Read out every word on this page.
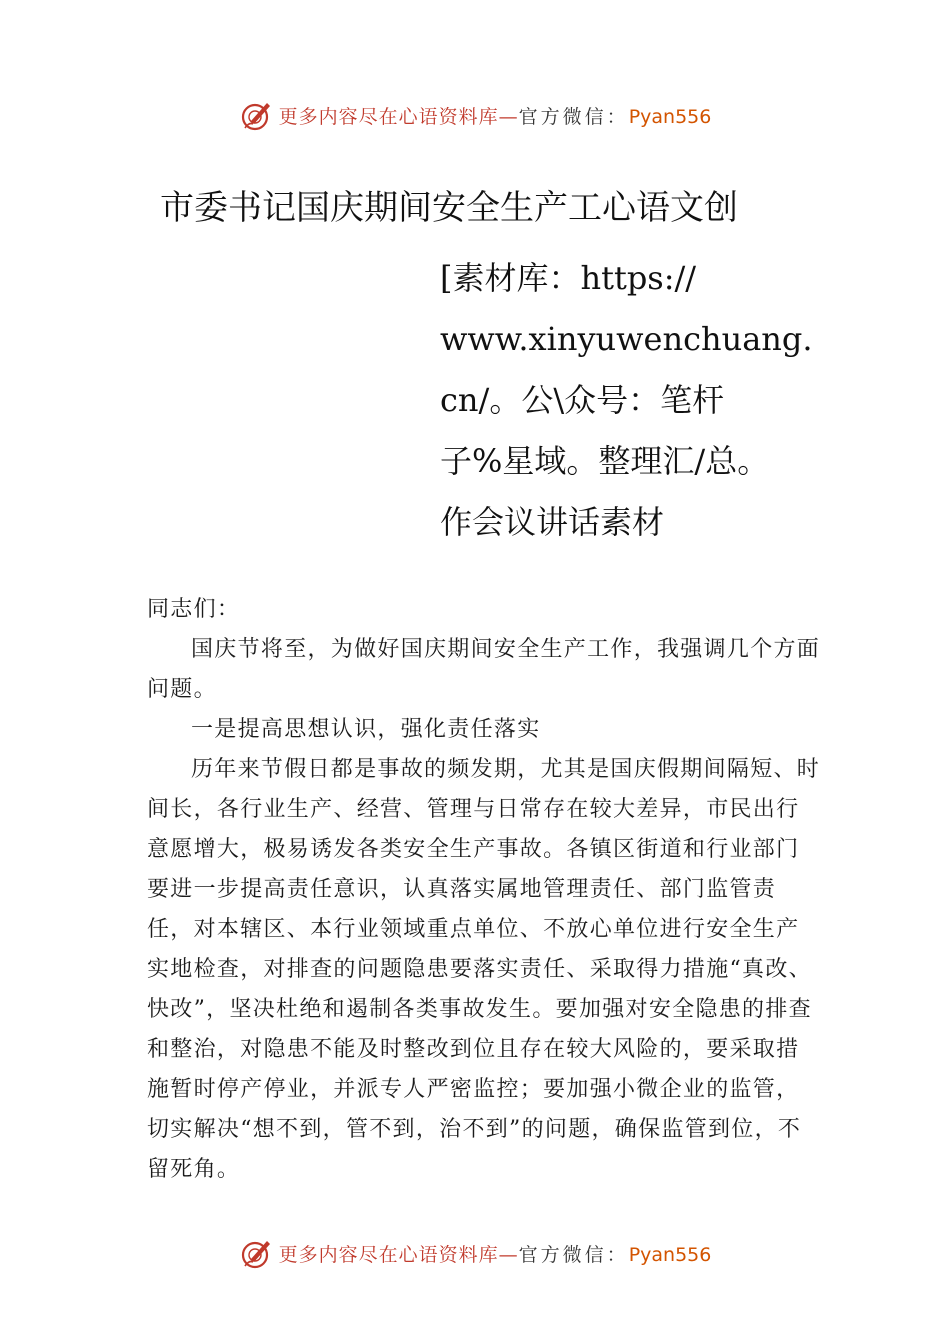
更多内容尽在心语资料库—官方微信：Pyan556
市委书记国庆期间安全生产工心语文创
[素材库：https://
www.xinyuwenchuang.
cn/。公\众号：笔杆
子%星域。整理汇/总。
作会议讲话素材

同志们：

国庆节将至，为做好国庆期间安全生产工作，我强调几个方面问题。

一是提高思想认识，强化责任落实

历年来节假日都是事故的频发期，尤其是国庆假期间隔短、时间长，各行业生产、经营、管理与日常存在较大差异，市民出行意愿增大，极易诱发各类安全生产事故。各镇区街道和行业部门要进一步提高责任意识，认真落实属地管理责任、部门监管责任，对本辖区、本行业领域重点单位、不放心单位进行安全生产实地检查，对排查的问题隐患要落实责任、采取得力措施“真改、快改”，坚决杜绝和遏制各类事故发生。要加强对安全隐患的排查和整治，对隐患不能及时整改到位且存在较大风险的，要采取措施暂时停产停业，并派专人严密监控；要加强小微企业的监管，切实解决“想不到，管不到，治不到”的问题，确保监管到位，不留死角。

更多内容尽在心语资料库—官方微信：Pyan556
